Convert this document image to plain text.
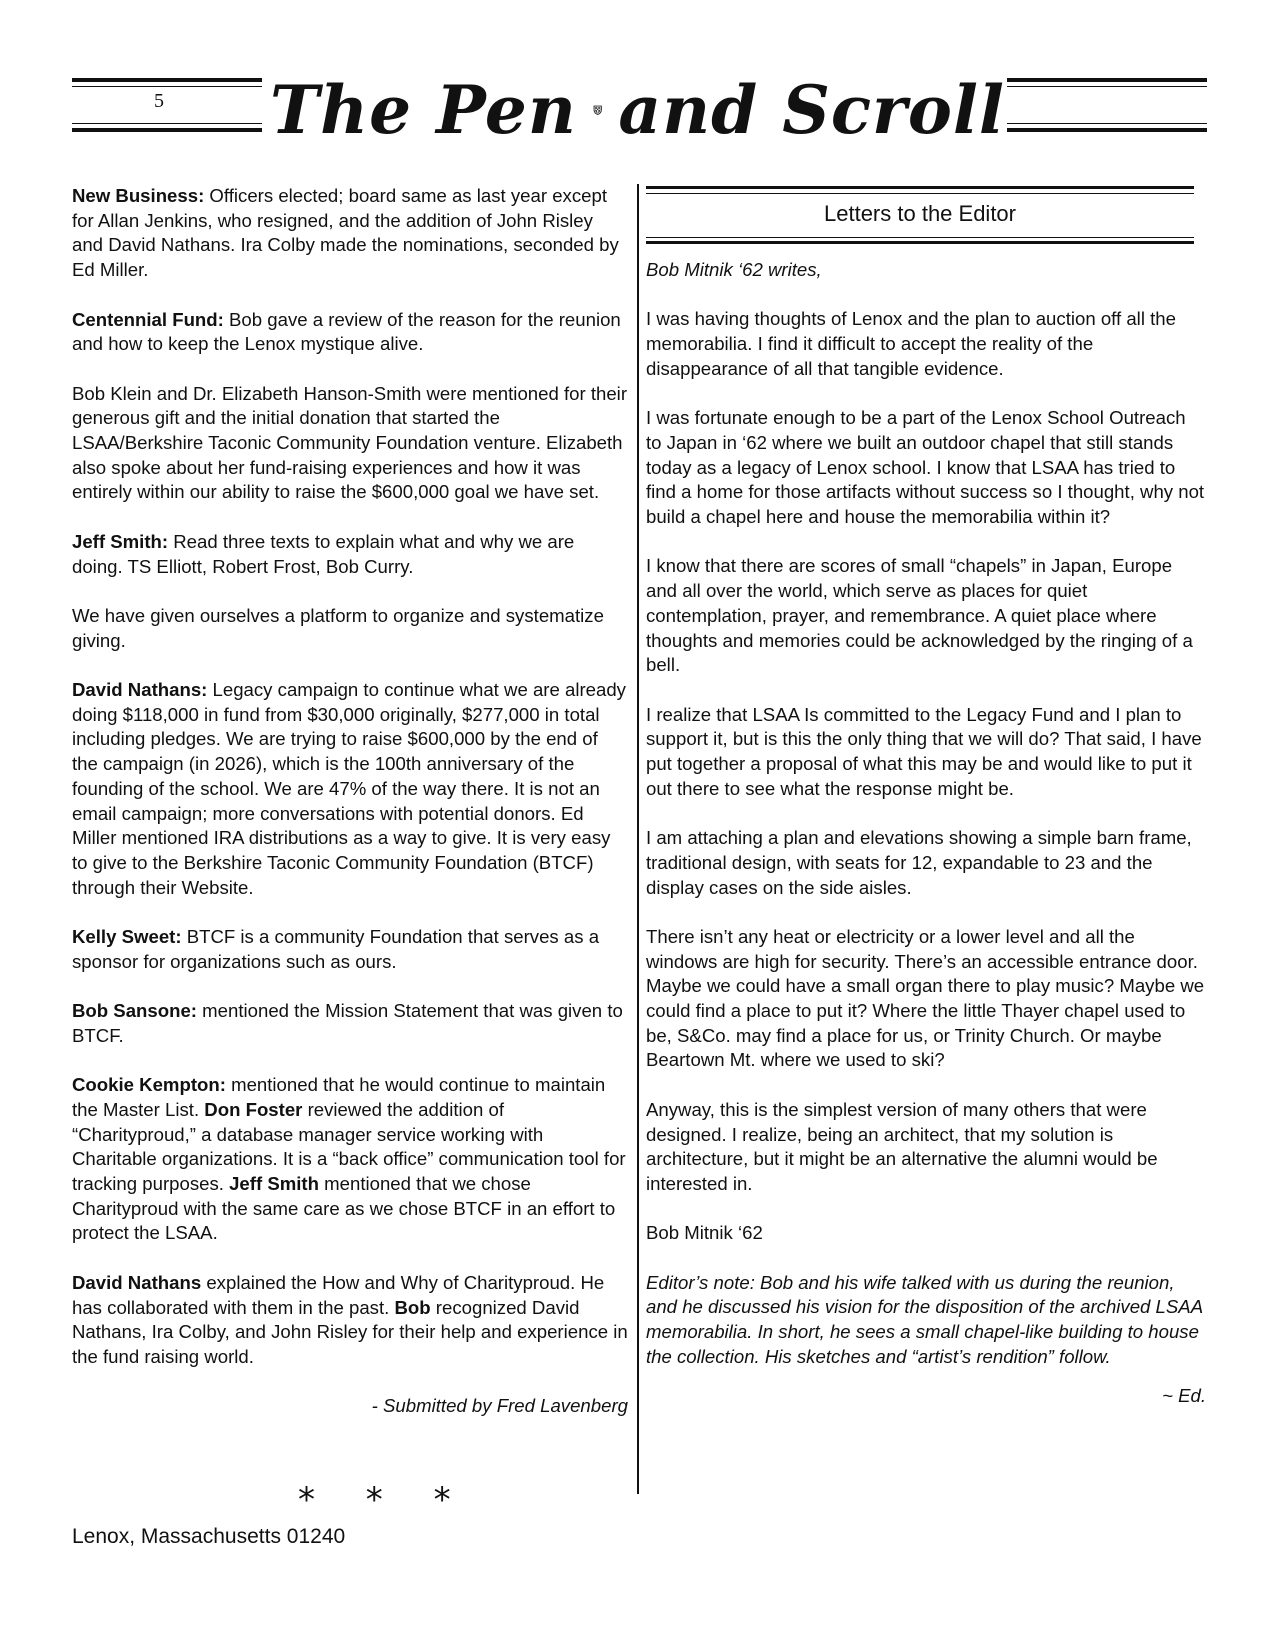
5 The Pen and Scroll

New Business: Officers elected; board same as last year except for Allan Jenkins, who resigned, and the addition of John Risley and David Nathans. Ira Colby made the nominations, seconded by Ed Miller.

Centennial Fund: Bob gave a review of the reason for the reunion and how to keep the Lenox mystique alive.

Bob Klein and Dr. Elizabeth Hanson-Smith were mentioned for their generous gift and the initial donation that started the LSAA/Berkshire Taconic Community Foundation venture. Elizabeth also spoke about her fund-raising experiences and how it was entirely within our ability to raise the $600,000 goal we have set.

Jeff Smith: Read three texts to explain what and why we are doing. TS Elliott, Robert Frost, Bob Curry.

We have given ourselves a platform to organize and systematize giving.

David Nathans: Legacy campaign to continue what we are already doing $118,000 in fund from $30,000 originally, $277,000 in total including pledges. We are trying to raise $600,000 by the end of the campaign (in 2026), which is the 100th anniversary of the founding of the school. We are 47% of the way there. It is not an email campaign; more conversations with potential donors. Ed Miller mentioned IRA distributions as a way to give. It is very easy to give to the Berkshire Taconic Community Foundation (BTCF) through their Website.

Kelly Sweet: BTCF is a community Foundation that serves as a sponsor for organizations such as ours.

Bob Sansone: mentioned the Mission Statement that was given to BTCF.

Cookie Kempton: mentioned that he would continue to maintain the Master List. Don Foster reviewed the addition of “Charityproud,” a database manager service working with Charitable organizations. It is a “back office” communication tool for tracking purposes. Jeff Smith mentioned that we chose Charityproud with the same care as we chose BTCF in an effort to protect the LSAA.

David Nathans explained the How and Why of Charityproud. He has collaborated with them in the past. Bob recognized David Nathans, Ira Colby, and John Risley for their help and experience in the fund raising world.

- Submitted by Fred Lavenberg

Letters to the Editor

Bob Mitnik ‘62 writes,

I was having thoughts of Lenox and the plan to auction off all the memorabilia. I find it difficult to accept the reality of the disappearance of all that tangible evidence.

I was fortunate enough to be a part of the Lenox School Outreach to Japan in ‘62 where we built an outdoor chapel that still stands today as a legacy of Lenox school. I know that LSAA has tried to find a home for those artifacts without success so I thought, why not build a chapel here and house the memorabilia within it?

I know that there are scores of small “chapels” in Japan, Europe and all over the world, which serve as places for quiet contemplation, prayer, and remembrance. A quiet place where thoughts and memories could be acknowledged by the ringing of a bell.

I realize that LSAA Is committed to the Legacy Fund and I plan to support it, but is this the only thing that we will do? That said, I have put together a proposal of what this may be and would like to put it out there to see what the response might be.

I am attaching a plan and elevations showing a simple barn frame, traditional design, with seats for 12, expandable to 23 and the display cases on the side aisles.

There isn’t any heat or electricity or a lower level and all the windows are high for security. There’s an accessible entrance door. Maybe we could have a small organ there to play music? Maybe we could find a place to put it? Where the little Thayer chapel used to be, S&Co. may find a place for us, or Trinity Church. Or maybe Beartown Mt. where we used to ski?

Anyway, this is the simplest version of many others that were designed. I realize, being an architect, that my solution is architecture, but it might be an alternative the alumni would be interested in.

Bob Mitnik ‘62

Editor’s note: Bob and his wife talked with us during the reunion, and he discussed his vision for the disposition of the archived LSAA memorabilia. In short, he sees a small chapel-like building to house the collection. His sketches and “artist’s rendition” follow.

~ Ed.

* * *
Lenox, Massachusetts 01240
